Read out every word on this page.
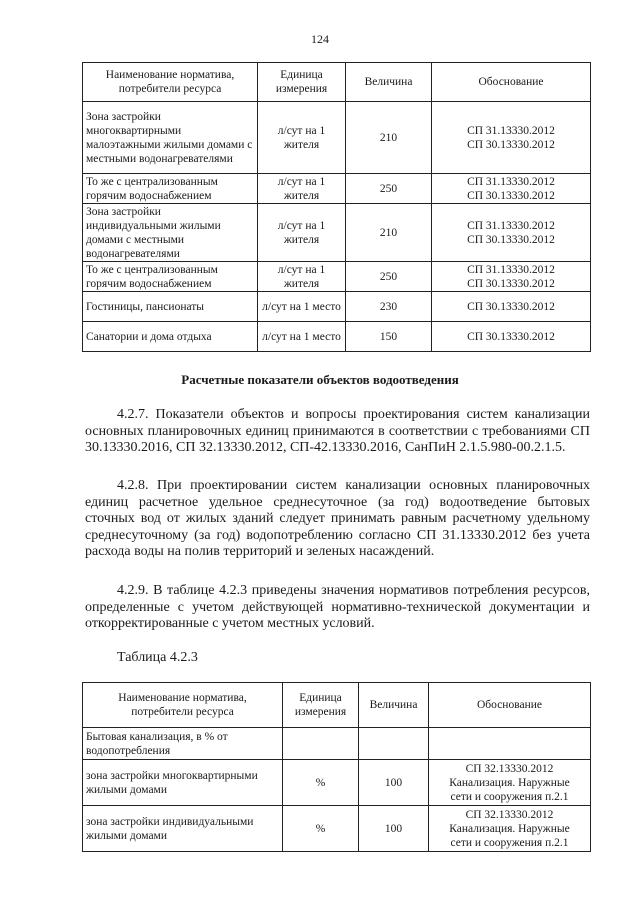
124
Наименование норматива, потребители ресурса	Единица измерения	Величина	Обоснование
Зона застройки многоквартирными малоэтажными жилыми домами с местными водонагревателями	л/сут на 1 жителя	210	СП 31.13330.2012
СП 30.13330.2012
То же с централизованным горячим водоснабжением	л/сут на 1 жителя	250	СП 31.13330.2012
СП 30.13330.2012
Зона застройки индивидуальными жилыми домами с местными водонагревателями	л/сут на 1 жителя	210	СП 31.13330.2012
СП 30.13330.2012
То же с централизованным горячим водоснабжением	л/сут на 1 жителя	250	СП 31.13330.2012
СП 30.13330.2012
Гостиницы, пансионаты	л/сут на 1 место	230	СП 30.13330.2012
Санатории и дома отдыха	л/сут на 1 место	150	СП 30.13330.2012
Расчетные показатели объектов водоотведения

4.2.7. Показатели объектов и вопросы проектирования систем канализации основных планировочных единиц принимаются в соответствии с требованиями СП 30.13330.2016, СП 32.13330.2012, СП-42.13330.2016, СанПиН 2.1.5.980-00.2.1.5.

4.2.8. При проектировании систем канализации основных планировочных единиц расчетное удельное среднесуточное (за год) водоотведение бытовых сточных вод от жилых зданий следует принимать равным расчетному удельному среднесуточному (за год) водопотреблению согласно СП 31.13330.2012 без учета расхода воды на полив территорий и зеленых насаждений.

4.2.9. В таблице 4.2.3 приведены значения нормативов потребления ресурсов, определенные с учетом действующей нормативно-технической документации и откорректированные с учетом местных условий.

Таблица 4.2.3
Наименование норматива, потребители ресурса	Единица измерения	Величина	Обоснование
Бытовая канализация, в % от водопотребления			
зона застройки многоквартирными жилыми домами	%	100	СП 32.13330.2012
Канализация. Наружные
сети и сооружения п.2.1
зона застройки индивидуальными жилыми домами	%	100	СП 32.13330.2012
Канализация. Наружные
сети и сооружения п.2.1
